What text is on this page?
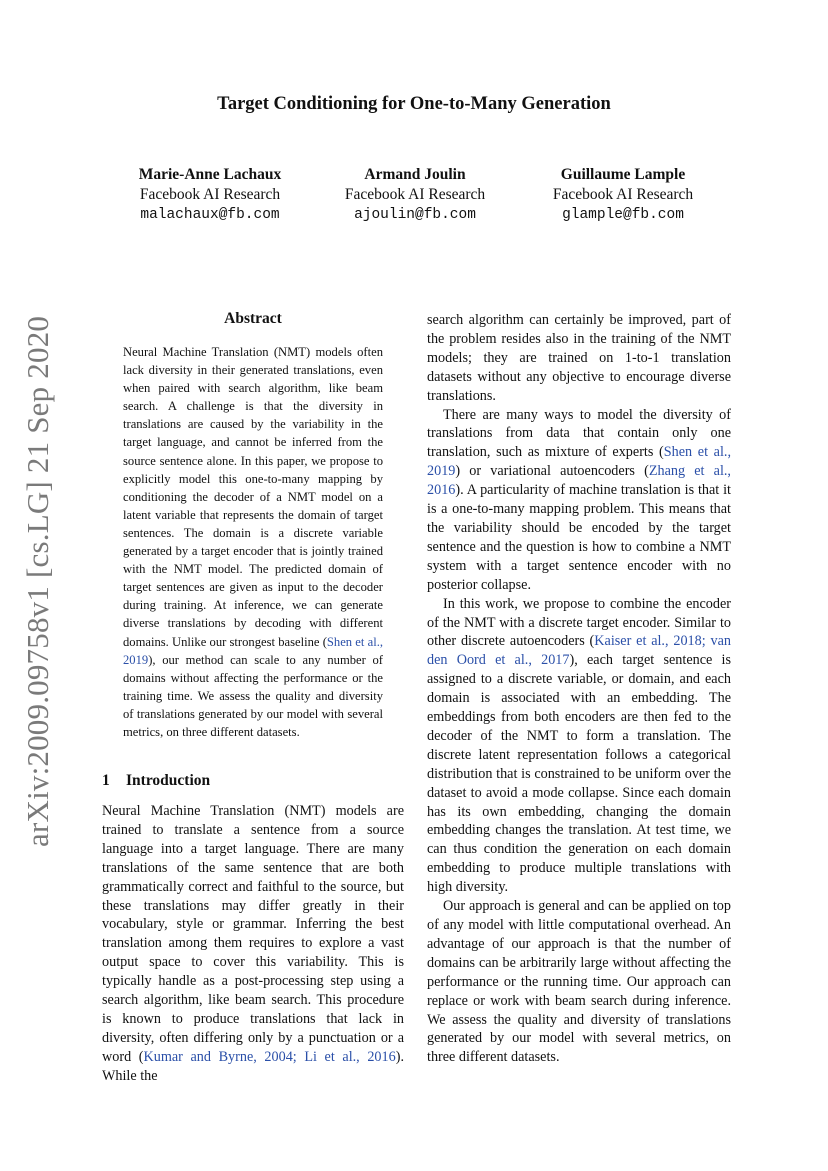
Target Conditioning for One-to-Many Generation
Marie-Anne Lachaux
Facebook AI Research
malachaux@fb.com
Armand Joulin
Facebook AI Research
ajoulin@fb.com
Guillaume Lample
Facebook AI Research
glample@fb.com
arXiv:2009.09758v1 [cs.LG] 21 Sep 2020	Abstract

Neural Machine Translation (NMT) models often lack diversity in their generated translations, even when paired with search algorithm, like beam search. A challenge is that the diversity in translations are caused by the variability in the target language, and cannot be inferred from the source sentence alone. In this paper, we propose to explicitly model this one-to-many mapping by conditioning the decoder of a NMT model on a latent variable that represents the domain of target sentences. The domain is a discrete variable generated by a target encoder that is jointly trained with the NMT model. The predicted domain of target sentences are given as input to the decoder during training. At inference, we can generate diverse translations by decoding with different domains. Unlike our strongest baseline (Shen et al., 2019), our method can scale to any number of domains without affecting the performance or the training time. We assess the quality and diversity of translations generated by our model with several metrics, on three different datasets.

1 Introduction

Neural Machine Translation (NMT) models are trained to translate a sentence from a source language into a target language. There are many translations of the same sentence that are both grammatically correct and faithful to the source, but these translations may differ greatly in their vocabulary, style or grammar. Inferring the best translation among them requires to explore a vast output space to cover this variability. This is typically handle as a post-processing step using a search algorithm, like beam search. This procedure is known to produce translations that lack in diversity, often differing only by a punctuation or a word (Kumar and Byrne, 2004; Li et al., 2016). While the

search algorithm can certainly be improved, part of the problem resides also in the training of the NMT models; they are trained on 1-to-1 translation datasets without any objective to encourage diverse translations.

There are many ways to model the diversity of translations from data that contain only one translation, such as mixture of experts (Shen et al., 2019) or variational autoencoders (Zhang et al., 2016). A particularity of machine translation is that it is a one-to-many mapping problem. This means that the variability should be encoded by the target sentence and the question is how to combine a NMT system with a target sentence encoder with no posterior collapse.

In this work, we propose to combine the encoder of the NMT with a discrete target encoder. Similar to other discrete autoencoders (Kaiser et al., 2018; van den Oord et al., 2017), each target sentence is assigned to a discrete variable, or domain, and each domain is associated with an embedding. The embeddings from both encoders are then fed to the decoder of the NMT to form a translation. The discrete latent representation follows a categorical distribution that is constrained to be uniform over the dataset to avoid a mode collapse. Since each domain has its own embedding, changing the domain embedding changes the translation. At test time, we can thus condition the generation on each domain embedding to produce multiple translations with high diversity.

Our approach is general and can be applied on top of any model with little computational overhead. An advantage of our approach is that the number of domains can be arbitrarily large without affecting the performance or the running time. Our approach can replace or work with beam search during inference. We assess the quality and diversity of translations generated by our model with several metrics, on three different datasets.
